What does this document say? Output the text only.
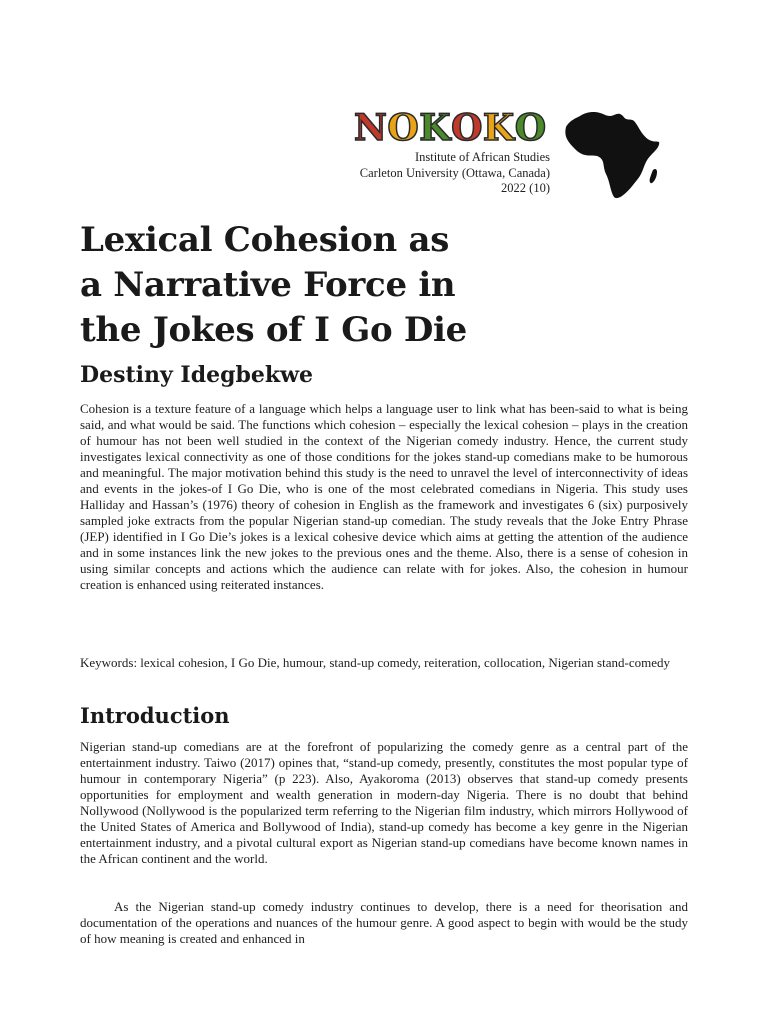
NOKOKO
Institute of African Studies
Carleton University (Ottawa, Canada)
2022 (10)
Lexical Cohesion as
a Narrative Force in
the Jokes of I Go Die
Destiny Idegbekwe

Cohesion is a texture feature of a language which helps a language user to link what has been-said to what is being said, and what would be said. The functions which cohesion – especially the lexical cohesion – plays in the creation of humour has not been well studied in the context of the Nigerian comedy industry. Hence, the current study investigates lexical connectivity as one of those conditions for the jokes stand-up comedians make to be humorous and meaningful. The major motivation behind this study is the need to unravel the level of interconnectivity of ideas and events in the jokes-of I Go Die, who is one of the most celebrated comedians in Nigeria. This study uses Halliday and Hassan’s (1976) theory of cohesion in English as the framework and investigates 6 (six) purposively sampled joke extracts from the popular Nigerian stand-up comedian. The study reveals that the Joke Entry Phrase (JEP) identified in I Go Die’s jokes is a lexical cohesive device which aims at getting the attention of the audience and in some instances link the new jokes to the previous ones and the theme. Also, there is a sense of cohesion in using similar concepts and actions which the audience can relate with for jokes. Also, the cohesion in humour creation is enhanced using reiterated instances.

Keywords: lexical cohesion, I Go Die, humour, stand-up comedy, reiteration, collocation, Nigerian stand-comedy

Introduction

Nigerian stand-up comedians are at the forefront of popularizing the comedy genre as a central part of the entertainment industry. Taiwo (2017) opines that, “stand-up comedy, presently, constitutes the most popular type of humour in contemporary Nigeria” (p 223). Also, Ayakoroma (2013) observes that stand-up comedy presents opportunities for employment and wealth generation in modern-day Nigeria. There is no doubt that behind Nollywood (Nollywood is the popularized term referring to the Nigerian film industry, which mirrors Hollywood of the United States of America and Bollywood of India), stand-up comedy has become a key genre in the Nigerian entertainment industry, and a pivotal cultural export as Nigerian stand-up comedians have become known names in the African continent and the world.

As the Nigerian stand-up comedy industry continues to develop, there is a need for theorisation and documentation of the operations and nuances of the humour genre. A good aspect to begin with would be the study of how meaning is created and enhanced in
